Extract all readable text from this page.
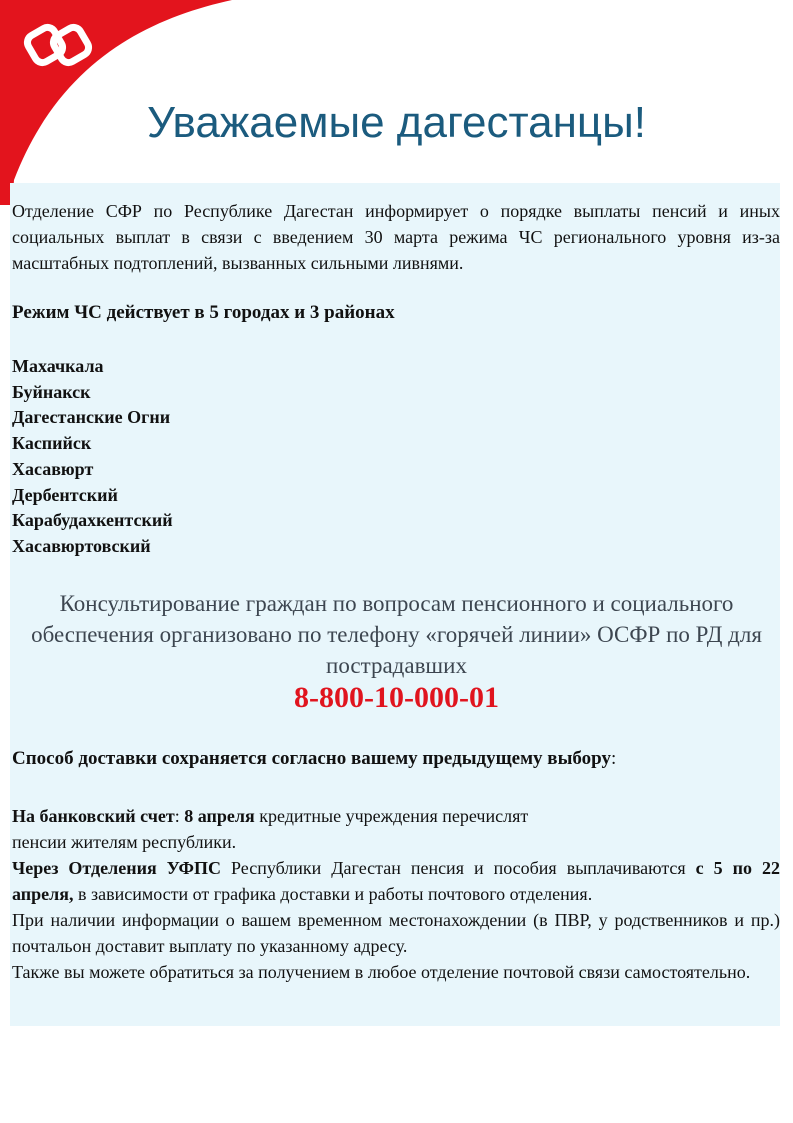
Уважаемые дагестанцы!

Отделение СФР по Республике Дагестан информирует о порядке выплаты пенсий и иных социальных выплат в связи с введением 30 марта режима ЧС регионального уровня из-за масштабных подтоплений, вызванных сильными ливнями.

Режим ЧС действует в 5 городах и 3 районах

Махачкала
Буйнакск
Дагестанские Огни
Каспийск
Хасавюрт
Дербентский
Карабудахкентский
Хасавюртовский

Консультирование граждан по вопросам пенсионного и социального обеспечения организовано по телефону «горячей линии» ОСФР по РД для пострадавших

8-800-10-000-01

Способ доставки сохраняется согласно вашему предыдущему выбору:

На банковский счет: 8 апреля кредитные учреждения перечислят
пенсии жителям республики.

Через Отделения УФПС Республики Дагестан пенсия и пособия выплачиваются с 5 по 22 апреля, в зависимости от графика доставки и работы почтового отделения.
При наличии информации о вашем временном местонахождении (в ПВР, у родственников и пр.) почтальон доставит выплату по указанному адресу.
Также вы можете обратиться за получением в любое отделение почтовой связи самостоятельно.
